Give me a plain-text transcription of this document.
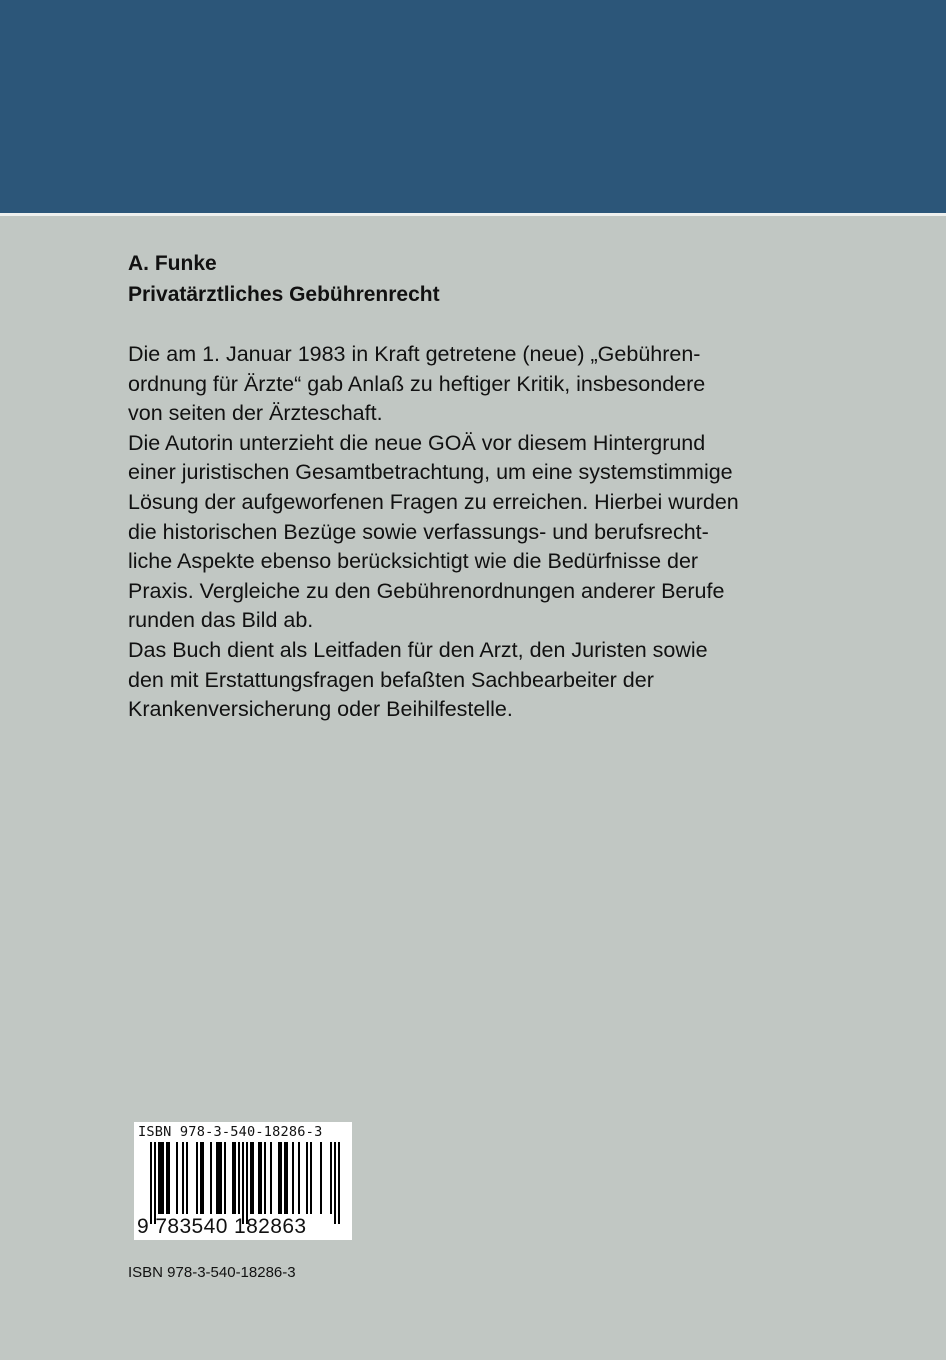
A. Funke

Privatärztliches Gebührenrecht

Die am 1. Januar 1983 in Kraft getretene (neue) „Gebühren-
ordnung für Ärzte“ gab Anlaß zu heftiger Kritik, insbesondere
von seiten der Ärzteschaft.
Die Autorin unterzieht die neue GOÄ vor diesem Hintergrund
einer juristischen Gesamtbetrachtung, um eine systemstimmige
Lösung der aufgeworfenen Fragen zu erreichen. Hierbei wurden
die historischen Bezüge sowie verfassungs- und berufsrecht-
liche Aspekte ebenso berücksichtigt wie die Bedürfnisse der
Praxis. Vergleiche zu den Gebührenordnungen anderer Berufe
runden das Bild ab.
Das Buch dient als Leitfaden für den Arzt, den Juristen sowie
den mit Erstattungsfragen befaßten Sachbearbeiter der
Krankenversicherung oder Beihilfestelle.
ISBN 978-3-540-18286-3
9 783540 182863
ISBN 978-3-540-18286-3
